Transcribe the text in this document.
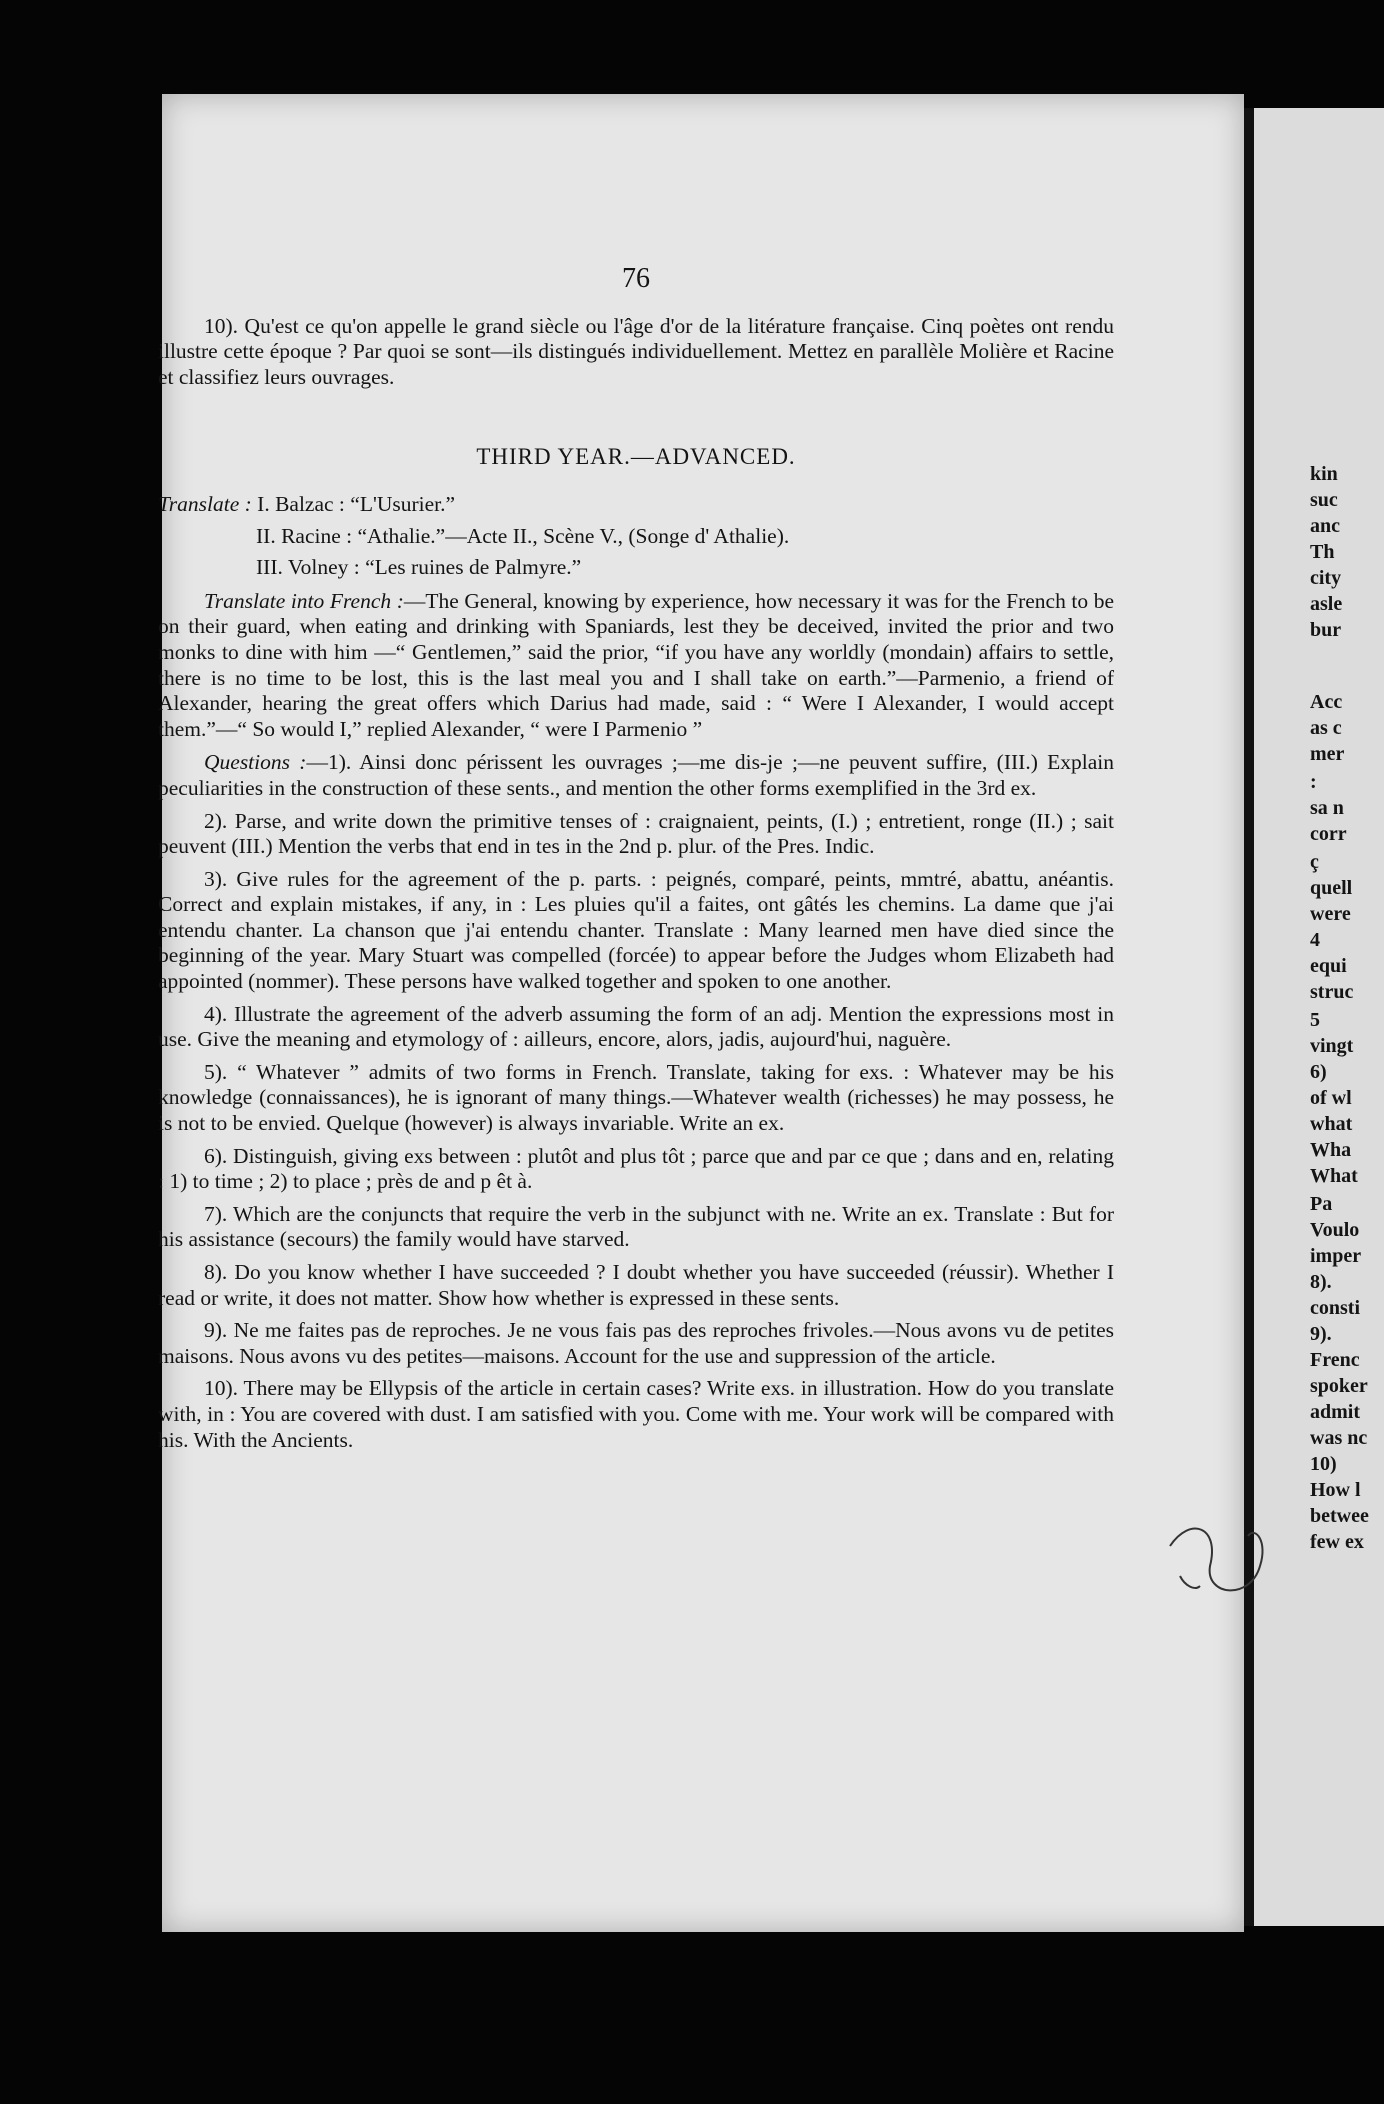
kin
suc
anc
Th
city
asle
bur
Acc
as c
mer
:
sa n
corr
ç
quell
were
4
equi
struc
5
vingt
6)
of wl
what
Wha
What
Pa
Voulo
imper
8).
consti
9).
Frenc
spoker
admit
was nc
10)
How l
betwee
few ex
76

10). Qu'est ce qu'on appelle le grand siècle ou l'âge d'or de la litérature française. Cinq poètes ont rendu illustre cette époque ? Par quoi se sont—ils distingués individuellement. Mettez en parallèle Molière et Racine et classifiez leurs ouvrages.

THIRD YEAR.—ADVANCED.
Translate : I. Balzac : “L'Usurier.”
II. Racine : “Athalie.”—Acte II., Scène V., (Songe d' Athalie).
III. Volney : “Les ruines de Palmyre.”

Translate into French :—The General, knowing by experience, how necessary it was for the French to be on their guard, when eating and drinking with Spaniards, lest they be deceived, invited the prior and two monks to dine with him —“ Gentlemen,” said the prior, “if you have any worldly (mondain) affairs to settle, there is no time to be lost, this is the last meal you and I shall take on earth.”—Parmenio, a friend of Alexander, hearing the great offers which Darius had made, said : “ Were I Alexander, I would accept them.”—“ So would I,” replied Alexander, “ were I Parmenio ”

Questions :—1). Ainsi donc périssent les ouvrages ;—me dis-je ;—ne peuvent suffire, (III.) Explain peculiarities in the construction of these sents., and mention the other forms exemplified in the 3rd ex.

2). Parse, and write down the primitive tenses of : craignaient, peints, (I.) ; entretient, ronge (II.) ; sait peuvent (III.) Mention the verbs that end in tes in the 2nd p. plur. of the Pres. Indic.

3). Give rules for the agreement of the p. parts. : peignés, comparé, peints, mmtré, abattu, anéantis. Correct and explain mistakes, if any, in : Les pluies qu'il a faites, ont gâtés les chemins. La dame que j'ai entendu chanter. La chanson que j'ai entendu chanter. Translate : Many learned men have died since the beginning of the year. Mary Stuart was compelled (forcée) to appear before the Judges whom Elizabeth had appointed (nommer). These persons have walked together and spoken to one another.

4). Illustrate the agreement of the adverb assuming the form of an adj. Mention the expressions most in use. Give the meaning and etymology of : ailleurs, encore, alors, jadis, aujourd'hui, naguère.

5). “ Whatever ” admits of two forms in French. Translate, taking for exs. : Whatever may be his knowledge (connaissances), he is ignorant of many things.—Whatever wealth (richesses) he may possess, he is not to be envied. Quelque (however) is always invariable. Write an ex.

6). Distinguish, giving exs between : plutôt and plus tôt ; parce que and par ce que ; dans and en, relating : 1) to time ; 2) to place ; près de and p êt à.

7). Which are the conjuncts that require the verb in the subjunct with ne. Write an ex. Translate : But for his assistance (secours) the family would have starved.

8). Do you know whether I have succeeded ? I doubt whether you have succeeded (réussir). Whether I read or write, it does not matter. Show how whether is expressed in these sents.

9). Ne me faites pas de reproches. Je ne vous fais pas des reproches frivoles.—Nous avons vu de petites maisons. Nous avons vu des petites—maisons. Account for the use and suppression of the article.

10). There may be Ellypsis of the article in certain cases? Write exs. in illustration. How do you translate with, in : You are covered with dust. I am satisfied with you. Come with me. Your work will be compared with his. With the Ancients.
